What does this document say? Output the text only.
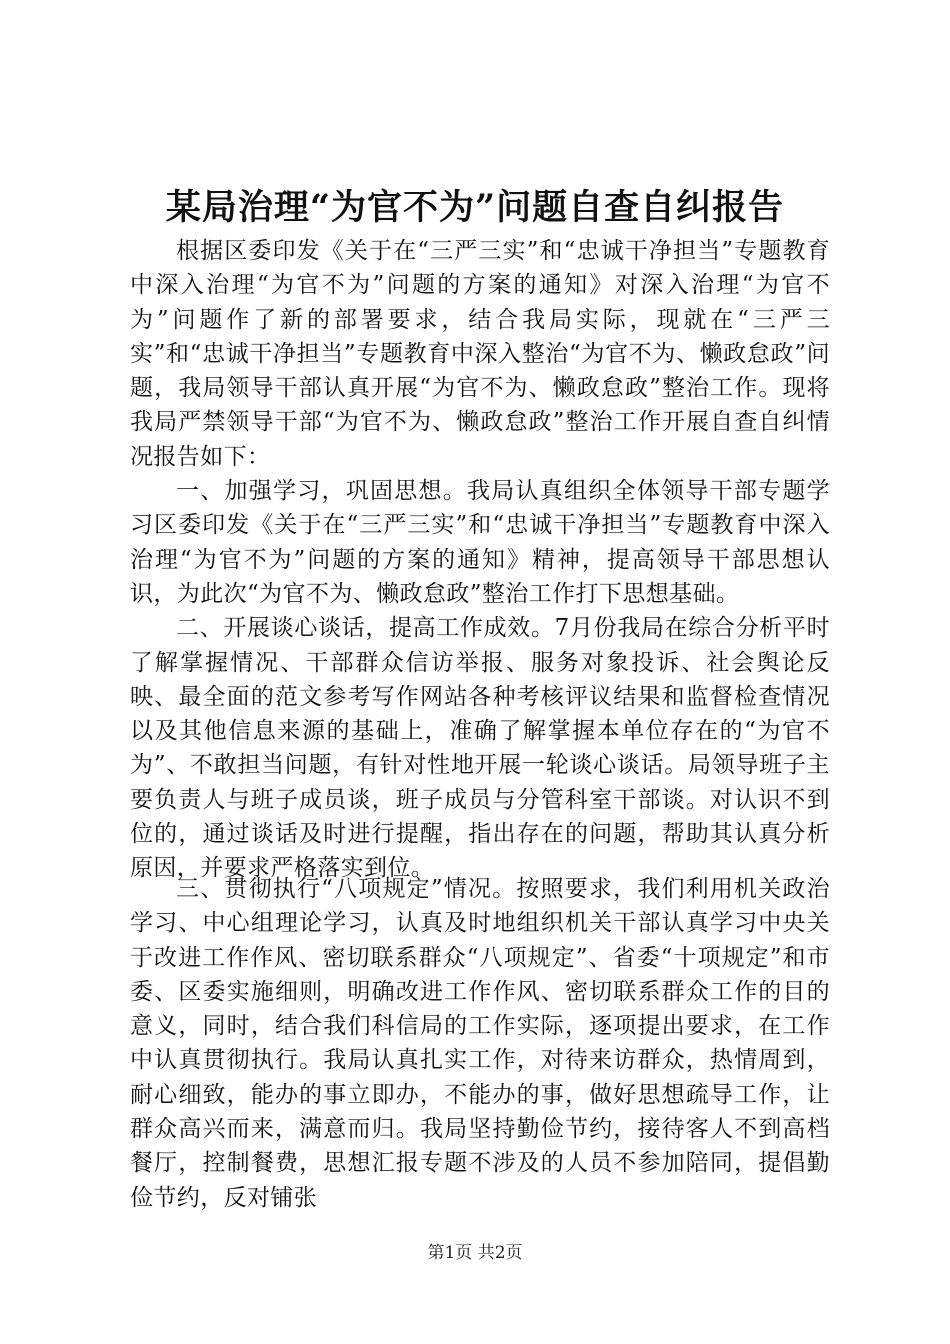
某局治理“为官不为”问题自查自纠报告

根据区委印发《关于在“三严三实”和“忠诚干净担当”专题教育中深入治理“为官不为”问题的方案的通知》对深入治理“为官不为”问题作了新的部署要求，结合我局实际，现就在“三严三实”和“忠诚干净担当”专题教育中深入整治“为官不为、懒政怠政”问题，我局领导干部认真开展“为官不为、懒政怠政”整治工作。现将我局严禁领导干部“为官不为、懒政怠政”整治工作开展自查自纠情况报告如下：

一、加强学习，巩固思想。我局认真组织全体领导干部专题学习区委印发《关于在“三严三实”和“忠诚干净担当”专题教育中深入治理“为官不为”问题的方案的通知》精神，提高领导干部思想认识，为此次“为官不为、懒政怠政”整治工作打下思想基础。

二、开展谈心谈话，提高工作成效。7月份我局在综合分析平时了解掌握情况、干部群众信访举报、服务对象投诉、社会舆论反映、最全面的范文参考写作网站各种考核评议结果和监督检查情况以及其他信息来源的基础上，准确了解掌握本单位存在的“为官不为”、不敢担当问题，有针对性地开展一轮谈心谈话。局领导班子主要负责人与班子成员谈，班子成员与分管科室干部谈。对认识不到位的，通过谈话及时进行提醒，指出存在的问题，帮助其认真分析原因，并要求严格落实到位。

三、贯彻执行“八项规定”情况。按照要求，我们利用机关政治学习、中心组理论学习，认真及时地组织机关干部认真学习中央关于改进工作作风、密切联系群众“八项规定”、省委“十项规定”和市委、区委实施细则，明确改进工作作风、密切联系群众工作的目的意义，同时，结合我们科信局的工作实际，逐项提出要求，在工作中认真贯彻执行。我局认真扎实工作，对待来访群众，热情周到，耐心细致，能办的事立即办，不能办的事，做好思想疏导工作，让群众高兴而来，满意而归。我局坚持勤俭节约，接待客人不到高档餐厅，控制餐费，思想汇报专题不涉及的人员不参加陪同，提倡勤俭节约，反对铺张

第1页 共2页
